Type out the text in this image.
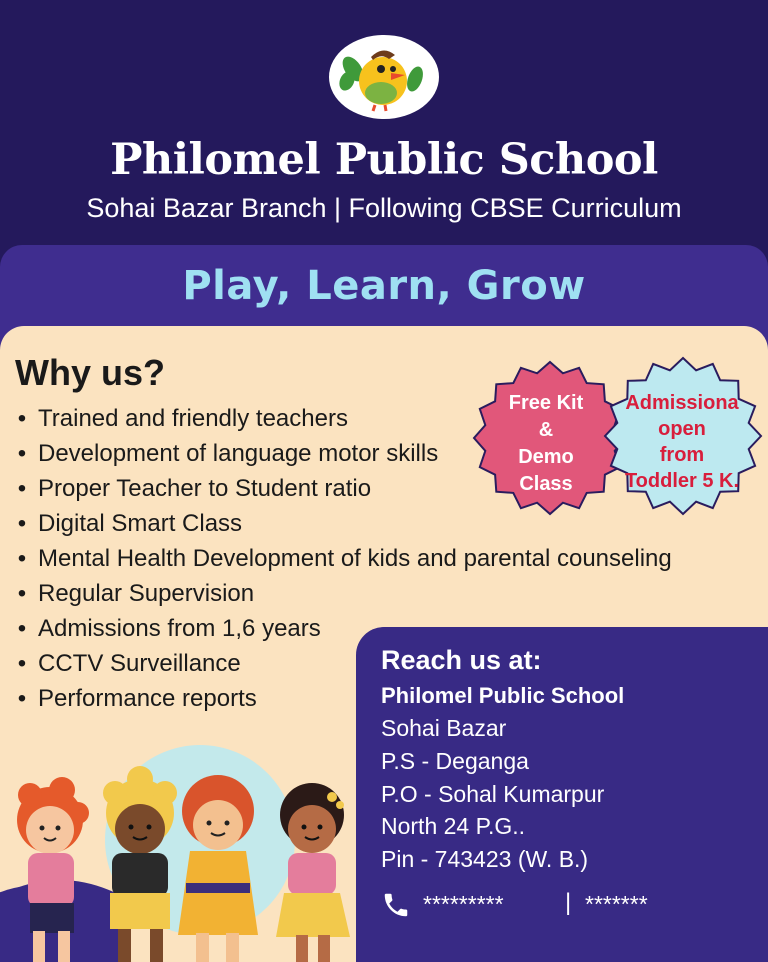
Philomel Public School
Sohai Bazar Branch | Following CBSE Curriculum
Play, Learn, Grow
Why us?
• Trained and friendly teachers
• Development of language motor skills
• Proper Teacher to Student ratio
• Digital Smart Class
• Mental Health Development of kids and parental counseling
• Regular Supervision
• Admissions from 1,6 years
• CCTV Surveillance
• Performance reports
Free Kit
&
Demo
Class
Admissiona
open
from
Toddler 5 K.
Reach us at:
Philomel Public School
Sohai Bazar
P.S - Deganga
P.O - Sohal Kumarpur
North 24 P.G..
Pin - 743423 (W. B.)
*********	| *******
